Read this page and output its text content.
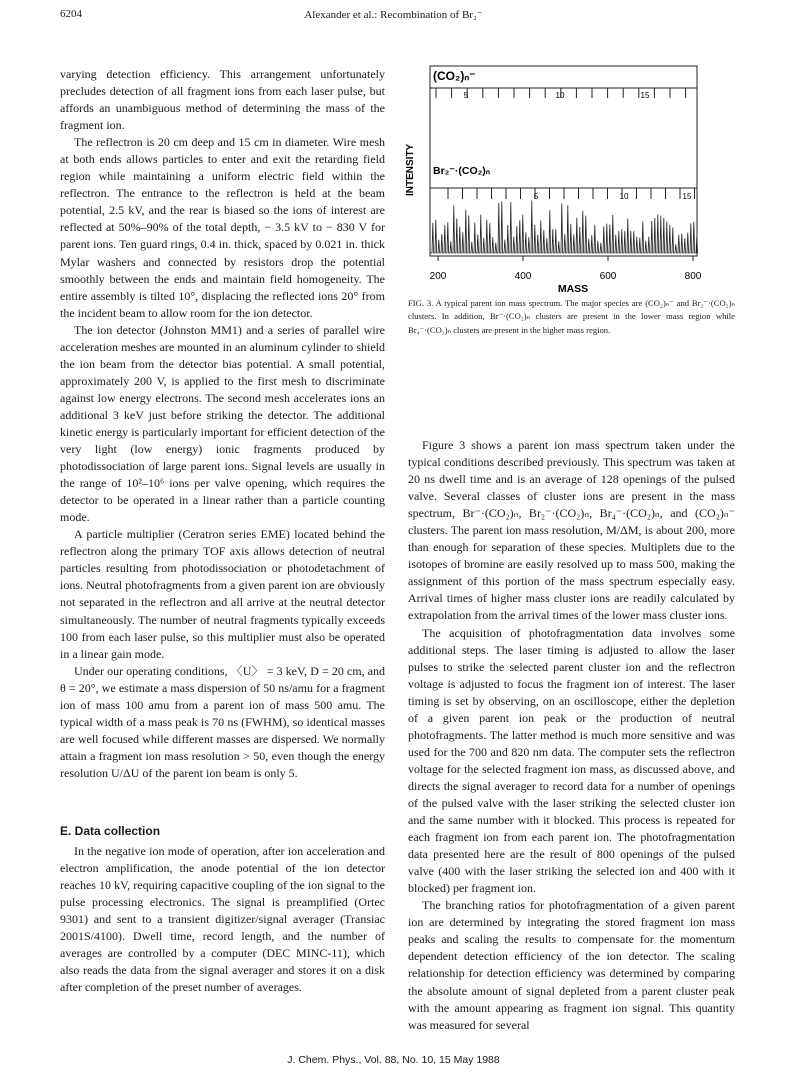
6204	Alexander et al.: Recombination of Br₂⁻

varying detection efficiency. This arrangement unfortunately precludes detection of all fragment ions from each laser pulse, but affords an unambiguous method of determining the mass of the fragment ion.

The reflectron is 20 cm deep and 15 cm in diameter. Wire mesh at both ends allows particles to enter and exit the retarding field region while maintaining a uniform electric field within the reflectron. The entrance to the reflectron is held at the beam potential, 2.5 kV, and the rear is biased so the ions of interest are reflected at 50%–90% of the total depth, − 3.5 kV to − 830 V for parent ions. Ten guard rings, 0.4 in. thick, spaced by 0.021 in. thick Mylar washers and connected by resistors drop the potential smoothly between the ends and maintain field homogeneity. The entire assembly is tilted 10°, displacing the reflected ions 20° from the incident beam to allow room for the ion detector.

The ion detector (Johnston MM1) and a series of parallel wire acceleration meshes are mounted in an aluminum cylinder to shield the ion beam from the detector bias potential. A small potential, approximately 200 V, is applied to the first mesh to discriminate against low energy electrons. The second mesh accelerates ions an additional 3 keV just before striking the detector. The additional kinetic energy is particularly important for efficient detection of the very light (low energy) ionic fragments produced by photodissociation of large parent ions. Signal levels are usually in the range of 10²–10⁶ ions per valve opening, which requires the detector to be operated in a linear rather than a particle counting mode.

A particle multiplier (Ceratron series EME) located behind the reflectron along the primary TOF axis allows detection of neutral particles resulting from photodissociation or photodetachment of ions. Neutral photofragments from a given parent ion are obviously not separated in the reflectron and all arrive at the neutral detector simultaneously. The number of neutral fragments typically exceeds 100 from each laser pulse, so this multiplier must also be operated in a linear gain mode.

Under our operating conditions, 〈U〉 = 3 keV, D = 20 cm, and θ = 20°, we estimate a mass dispersion of 50 ns/amu for a fragment ion of mass 100 amu from a parent ion of mass 500 amu. The typical width of a mass peak is 70 ns (FWHM), so identical masses are well focused while different masses are dispersed. We normally attain a fragment ion mass resolution > 50, even though the energy resolution U/ΔU of the parent ion beam is only 5.

E. Data collection

In the negative ion mode of operation, after ion acceleration and electron amplification, the anode potential of the ion detector reaches 10 kV, requiring capacitive coupling of the ion signal to the pulse processing electronics. The signal is preamplified (Ortec 9301) and sent to a transient digitizer/signal averager (Transiac 2001S/4100). Dwell time, record length, and the number of averages are controlled by a computer (DEC MINC-11), which also reads the data from the signal averager and stores it on a disk after completion of the preset number of averages.

INTENSITY
(CO₂)ₙ⁻
Br₂⁻·(CO₂)ₙ
200	400	600	800
MASS
5	10	15
5	10	15
FIG. 3. A typical parent ion mass spectrum. The major species are (CO₂)ₙ⁻ and Br₂⁻·(CO₂)ₙ clusters. In addition, Br⁻·(CO₂)ₙ clusters are present in the lower mass region while Br₄⁻·(CO₂)ₙ clusters are present in the higher mass region.

Figure 3 shows a parent ion mass spectrum taken under the typical conditions described previously. This spectrum was taken at 20 ns dwell time and is an average of 128 openings of the pulsed valve. Several classes of cluster ions are present in the mass spectrum, Br⁻·(CO₂)ₙ, Br₂⁻·(CO₂)ₙ, Br₄⁻·(CO₂)ₙ, and (CO₂)ₙ⁻ clusters. The parent ion mass resolution, M/ΔM, is about 200, more than enough for separation of these species. Multiplets due to the isotopes of bromine are easily resolved up to mass 500, making the assignment of this portion of the mass spectrum especially easy. Arrival times of higher mass cluster ions are readily calculated by extrapolation from the arrival times of the lower mass cluster ions.

The acquisition of photofragmentation data involves some additional steps. The laser timing is adjusted to allow the laser pulses to strike the selected parent cluster ion and the reflectron voltage is adjusted to focus the fragment ion of interest. The laser timing is set by observing, on an oscilloscope, either the depletion of a given parent ion peak or the production of neutral photofragments. The latter method is much more sensitive and was used for the 700 and 820 nm data. The computer sets the reflectron voltage for the selected fragment ion mass, as discussed above, and directs the signal averager to record data for a number of openings of the pulsed valve with the laser striking the selected cluster ion and the same number with it blocked. This process is repeated for each fragment ion from each parent ion. The photofragmentation data presented here are the result of 800 openings of the pulsed valve (400 with the laser striking the selected ion and 400 with it blocked) per fragment ion.

The branching ratios for photofragmentation of a given parent ion are determined by integrating the stored fragment ion mass peaks and scaling the results to compensate for the momentum dependent detection efficiency of the ion detector. The scaling relationship for detection efficiency was determined by comparing the absolute amount of signal depleted from a parent cluster peak with the amount appearing as fragment ion signal. This quantity was measured for several

J. Chem. Phys., Vol. 88, No. 10, 15 May 1988
